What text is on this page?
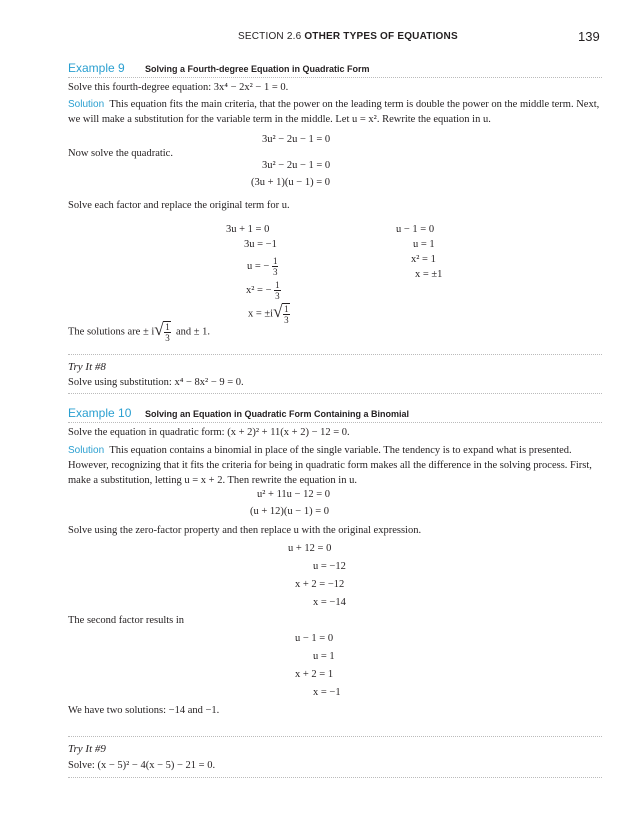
SECTION 2.6 OTHER TYPES OF EQUATIONS	139
Example 9 Solving a Fourth-degree Equation in Quadratic Form
Solve this fourth-degree equation: 3x⁴ − 2x² − 1 = 0.
Solution This equation fits the main criteria, that the power on the leading term is double the power on the middle term. Next, we will make a substitution for the variable term in the middle. Let u = x². Rewrite the equation in u.
3u² − 2u − 1 = 0
Now solve the quadratic.
3u² − 2u − 1 = 0
(3u + 1)(u − 1) = 0
Solve each factor and replace the original term for u.
3u + 1 = 0
3u = −1
u = − $\frac{1}{3}$
x² = − $\frac{1}{3}$
x = ±i √ $\frac{1}{3}$
u − 1 = 0
u = 1
x² = 1
x = ±1
The solutions are ± i √ $\frac{1}{3}$ and ± 1.
Try It #8
Solve using substitution: x⁴ − 8x² − 9 = 0.
Example 10 Solving an Equation in Quadratic Form Containing a Binomial
Solve the equation in quadratic form: (x + 2)² + 11(x + 2) − 12 = 0.
Solution This equation contains a binomial in place of the single variable. The tendency is to expand what is presented. However, recognizing that it fits the criteria for being in quadratic form makes all the difference in the solving process. First, make a substitution, letting u = x + 2. Then rewrite the equation in u.
u² + 11u − 12 = 0
(u + 12)(u − 1) = 0
Solve using the zero-factor property and then replace u with the original expression.
u + 12 = 0
u = −12
x + 2 = −12
x = −14
The second factor results in
u − 1 = 0
u = 1
x + 2 = 1
x = −1
We have two solutions: −14 and −1.
Try It #9
Solve: (x − 5)² − 4(x − 5) − 21 = 0.
